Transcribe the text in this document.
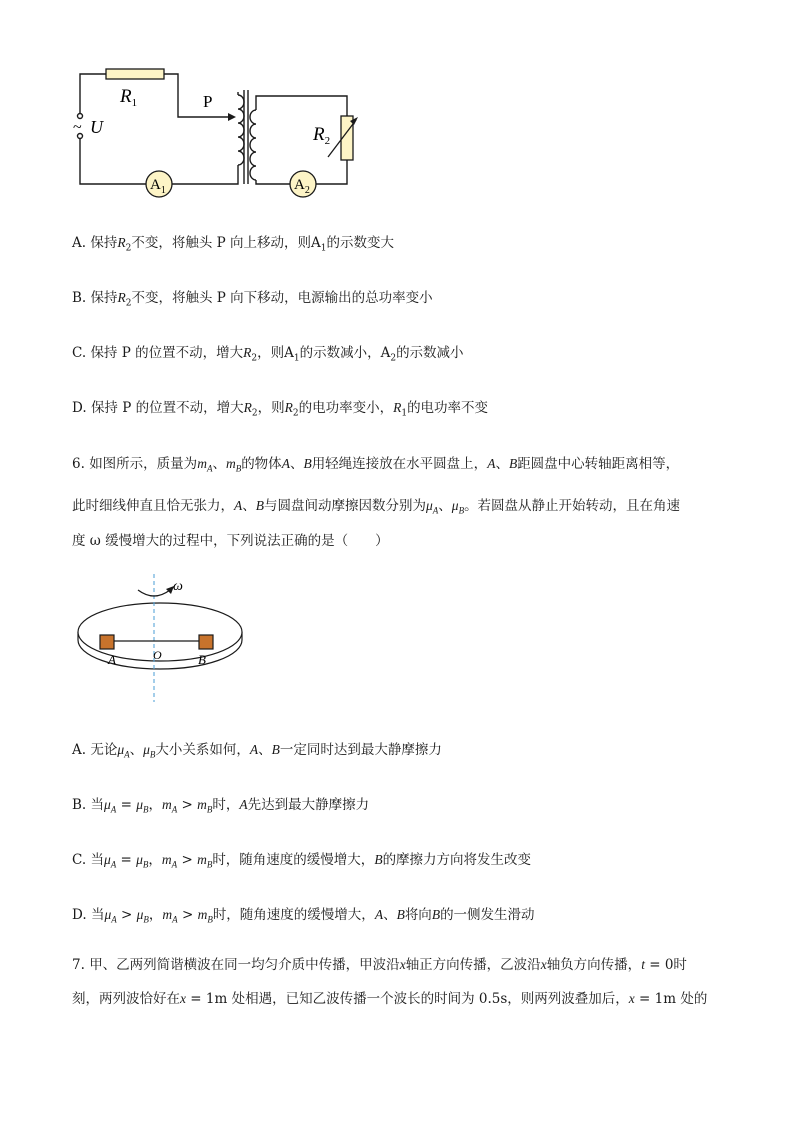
$R_1$	P
~ U
$A_1$	$A_2$
$R_2$
A. 保持$R_2$不变，将触头 P 向上移动，则$A_1$的示数变大
B. 保持$R_2$不变，将触头 P 向下移动，电源输出的总功率变小
C. 保持 P 的位置不动，增大$R_2$，则$A_1$的示数减小，$A_2$的示数减小
D. 保持 P 的位置不动，增大$R_2$，则$R_2$的电功率变小，$R_1$的电功率不变
6. 如图所示，质量为$m_A$、$m_B$的物体A、B用轻绳连接放在水平圆盘上，A、B距圆盘中心转轴距离相等，
此时细线伸直且恰无张力，A、B与圆盘间动摩擦因数分别为$\mu_A$、$\mu_B$。若圆盘从静止开始转动，且在角速
度 ω 缓慢增大的过程中，下列说法正确的是（　　）
ω
A	O	B
A. 无论$\mu_A$、$\mu_B$大小关系如何，A、B一定同时达到最大静摩擦力
B. 当$\mu_A = \mu_B$，$m_A > m_B$时，A先达到最大静摩擦力
C. 当$\mu_A = \mu_B$，$m_A > m_B$时，随角速度的缓慢增大，B的摩擦力方向将发生改变
D. 当$\mu_A > \mu_B$，$m_A > m_B$时，随角速度的缓慢增大，A、B将向B的一侧发生滑动
7. 甲、乙两列简谐横波在同一均匀介质中传播，甲波沿x轴正方向传播，乙波沿x轴负方向传播，t = 0时
刻，两列波恰好在x = 1m 处相遇，已知乙波传播一个波长的时间为 0.5s，则两列波叠加后，x = 1m 处的
